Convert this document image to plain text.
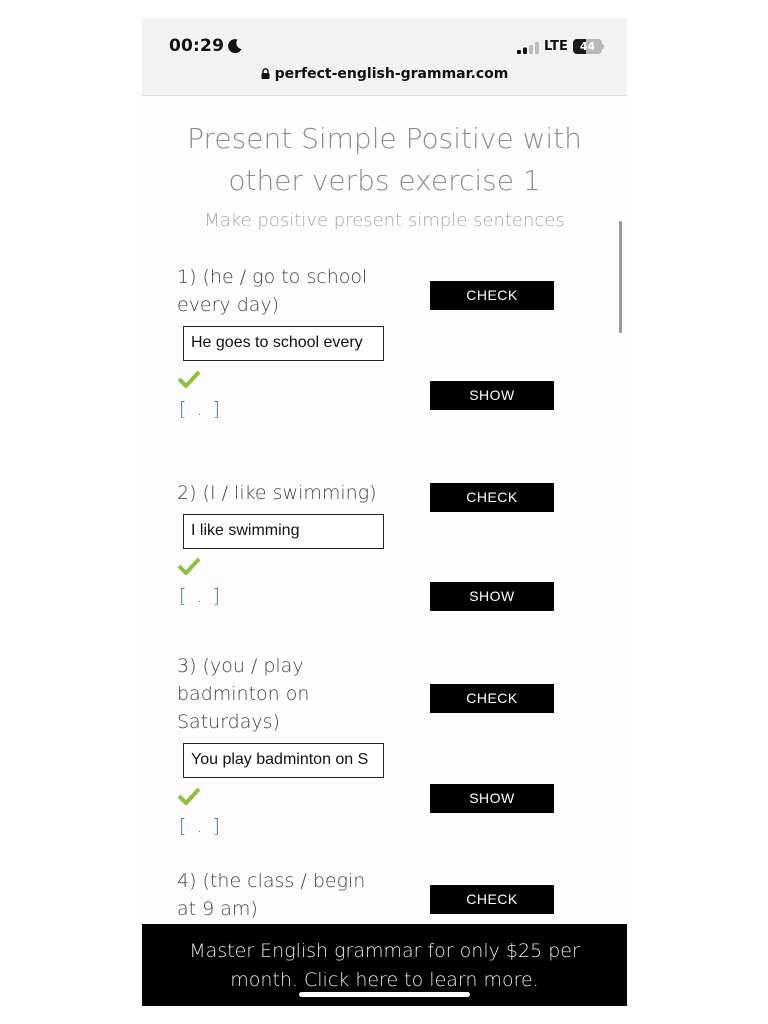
00:29	LTE	44
perfect-english-grammar.com
Present Simple Positive with other verbs exercise 1
Make positive present simple sentences
1) (he / go to school
every day)	CHECK
He goes to school every
SHOW
[ . ]
2) (I / like swimming)	CHECK
I like swimming
SHOW
[ . ]
3) (you / play
badminton on
Saturdays)
CHECK
You play badminton on S
SHOW
[ . ]
4) (the class / begin
at 9 am)	CHECK
Master English grammar for only $25 per
month. Click here to learn more.
